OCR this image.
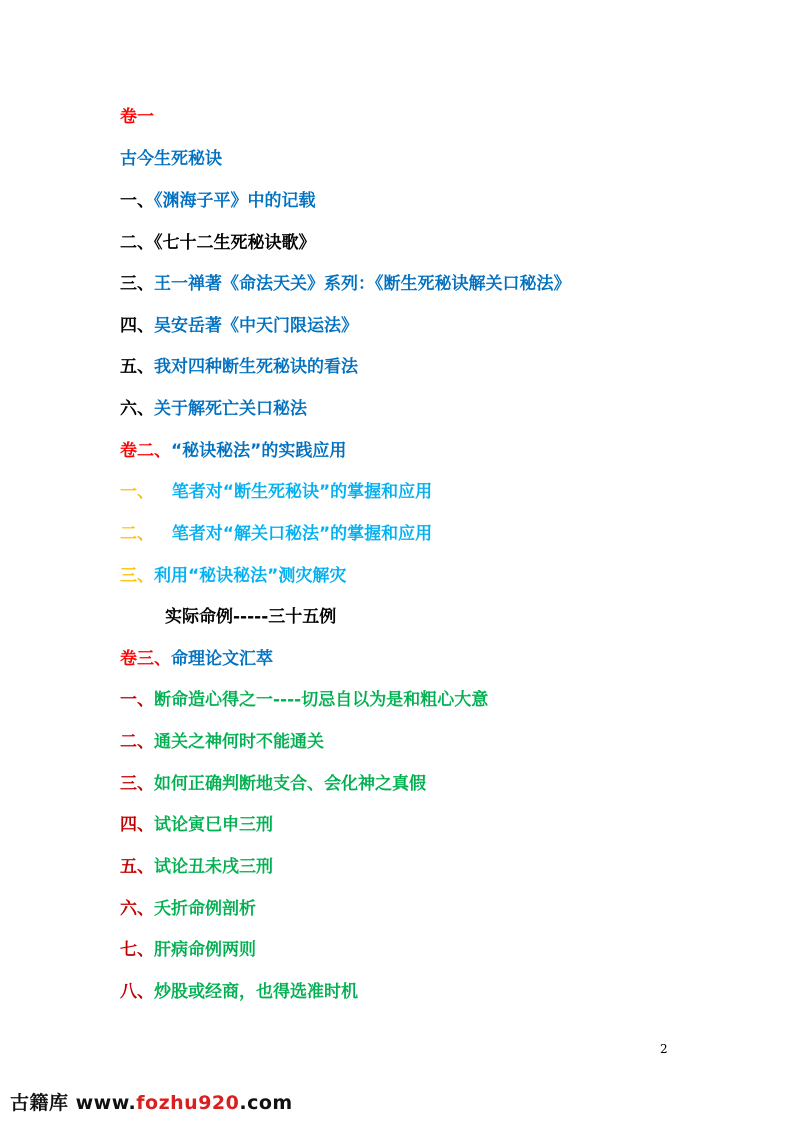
卷一
古今生死秘诀
一、《渊海子平》中的记载
二、《七十二生死秘诀歌》
三、王一禅著《命法天关》系列：《断生死秘诀解关口秘法》
四、吴安岳著《中天门限运法》
五、我对四种断生死秘诀的看法
六、关于解死亡关口秘法
卷二、“秘诀秘法”的实践应用
一、   笔者对“断生死秘诀”的掌握和应用
二、   笔者对“解关口秘法”的掌握和应用
三、利用“秘诀秘法”测灾解灾
实际命例-----三十五例
卷三、命理论文汇萃
一、断命造心得之一----切忌自以为是和粗心大意
二、通关之神何时不能通关
三、如何正确判断地支合、会化神之真假
四、试论寅巳申三刑
五、试论丑未戌三刑
六、夭折命例剖析
七、肝病命例两则
八、炒股或经商，也得选准时机
2
古籍库 www.fozhu920.com
